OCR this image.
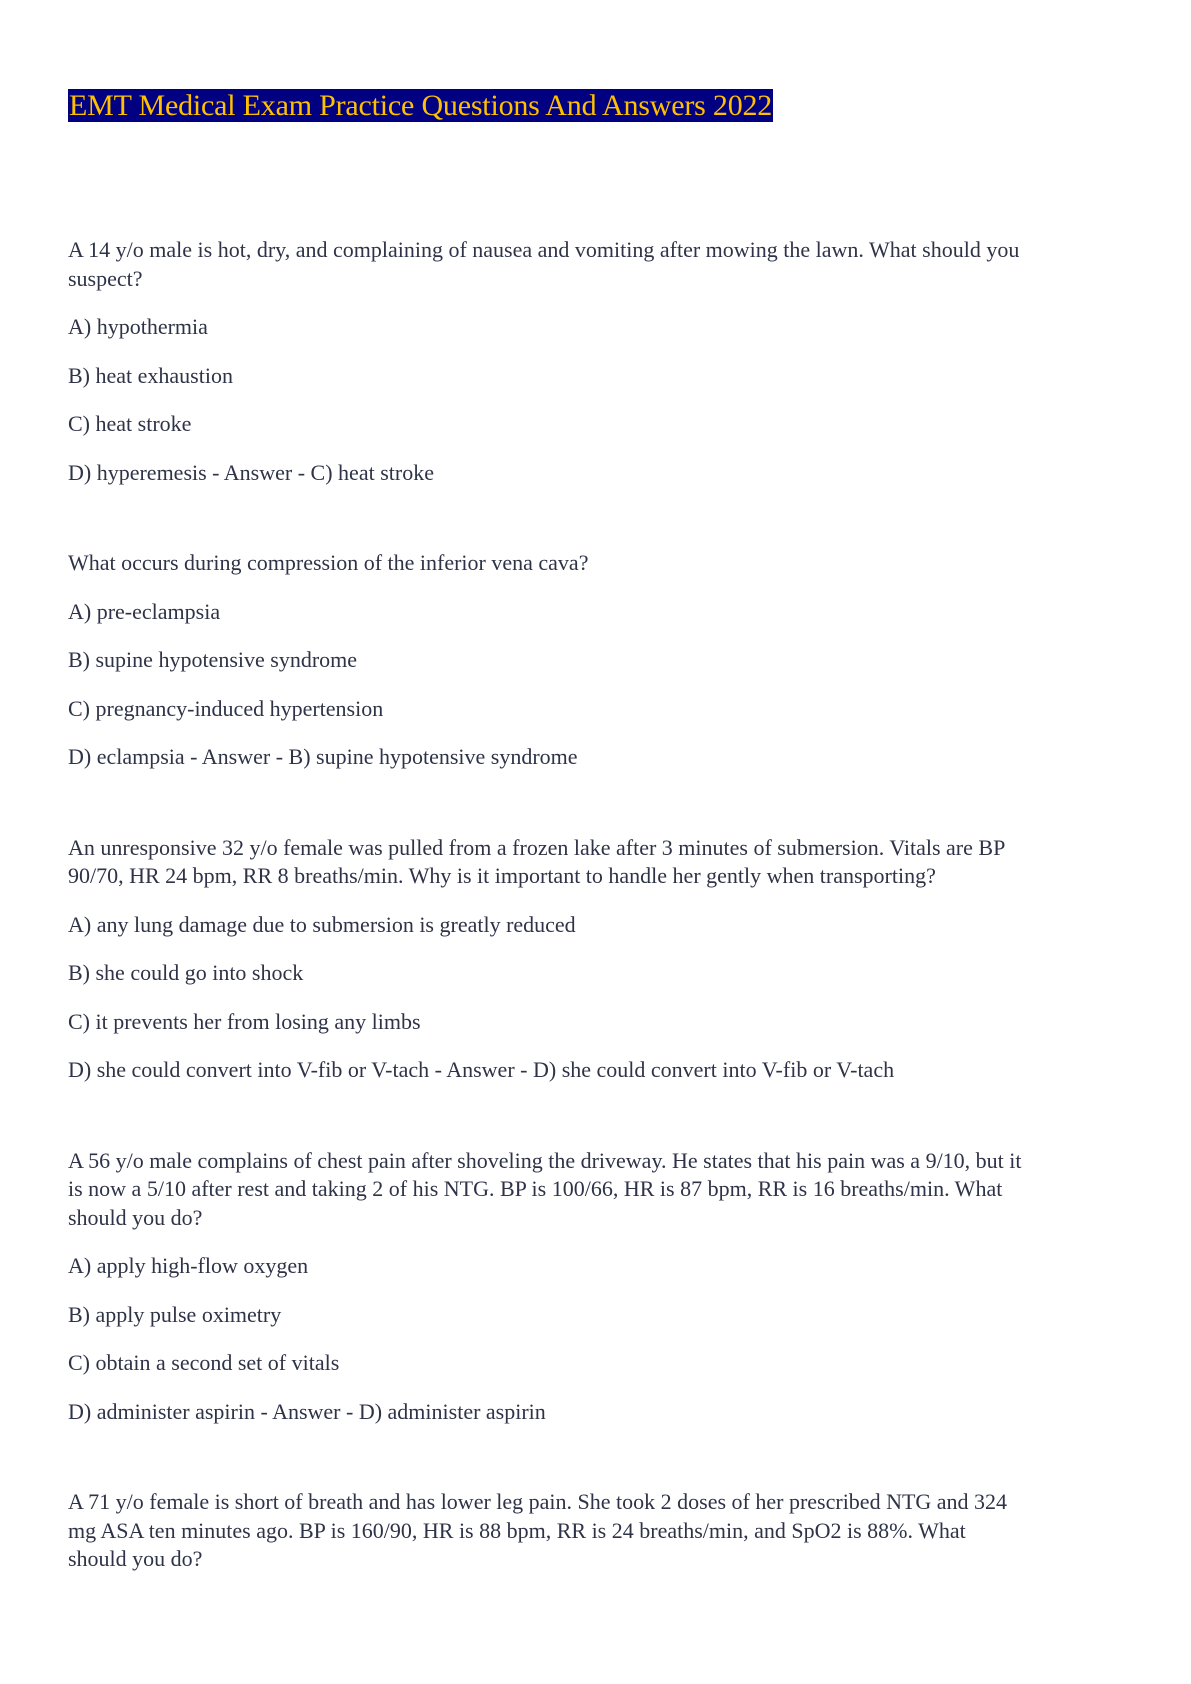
EMT Medical Exam Practice Questions And Answers 2022
A 14 y/o male is hot, dry, and complaining of nausea and vomiting after mowing the lawn. What should you
suspect?
A) hypothermia
B) heat exhaustion
C) heat stroke
D) hyperemesis - Answer - C) heat stroke
What occurs during compression of the inferior vena cava?
A) pre-eclampsia
B) supine hypotensive syndrome
C) pregnancy-induced hypertension
D) eclampsia - Answer - B) supine hypotensive syndrome
An unresponsive 32 y/o female was pulled from a frozen lake after 3 minutes of submersion. Vitals are BP
90/70, HR 24 bpm, RR 8 breaths/min. Why is it important to handle her gently when transporting?
A) any lung damage due to submersion is greatly reduced
B) she could go into shock
C) it prevents her from losing any limbs
D) she could convert into V-fib or V-tach - Answer - D) she could convert into V-fib or V-tach
A 56 y/o male complains of chest pain after shoveling the driveway. He states that his pain was a 9/10, but it
is now a 5/10 after rest and taking 2 of his NTG. BP is 100/66, HR is 87 bpm, RR is 16 breaths/min. What
should you do?
A) apply high-flow oxygen
B) apply pulse oximetry
C) obtain a second set of vitals
D) administer aspirin - Answer - D) administer aspirin
A 71 y/o female is short of breath and has lower leg pain. She took 2 doses of her prescribed NTG and 324
mg ASA ten minutes ago. BP is 160/90, HR is 88 bpm, RR is 24 breaths/min, and SpO2 is 88%. What
should you do?
